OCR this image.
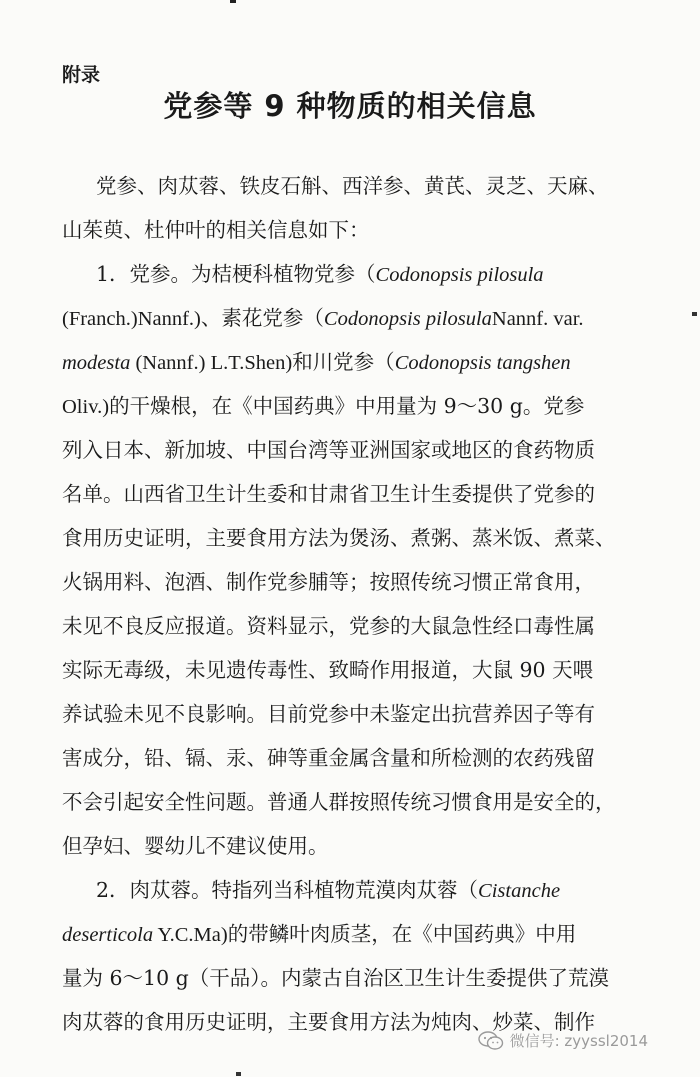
附录
党参等 9 种物质的相关信息
党参、肉苁蓉、铁皮石斛、西洋参、黄芪、灵芝、天麻、
山茱萸、杜仲叶的相关信息如下：
1．党参。为桔梗科植物党参（Codonopsis pilosula
(Franch.)Nannf.)、素花党参（Codonopsis pilosulaNannf. var.
modesta (Nannf.) L.T.Shen)和川党参（Codonopsis tangshen
Oliv.)的干燥根，在《中国药典》中用量为 9～30 g。党参
列入日本、新加坡、中国台湾等亚洲国家或地区的食药物质
名单。山西省卫生计生委和甘肃省卫生计生委提供了党参的
食用历史证明，主要食用方法为煲汤、煮粥、蒸米饭、煮菜、
火锅用料、泡酒、制作党参脯等；按照传统习惯正常食用，
未见不良反应报道。资料显示，党参的大鼠急性经口毒性属
实际无毒级，未见遗传毒性、致畸作用报道，大鼠 90 天喂
养试验未见不良影响。目前党参中未鉴定出抗营养因子等有
害成分，铅、镉、汞、砷等重金属含量和所检测的农药残留
不会引起安全性问题。普通人群按照传统习惯食用是安全的，
但孕妇、婴幼儿不建议使用。
2．肉苁蓉。特指列当科植物荒漠肉苁蓉（Cistanche
deserticola Y.C.Ma)的带鳞叶肉质茎，在《中国药典》中用
量为 6～10 g（干品）。内蒙古自治区卫生计生委提供了荒漠
肉苁蓉的食用历史证明，主要食用方法为炖肉、炒菜、制作
微信号: zyyssl2014
